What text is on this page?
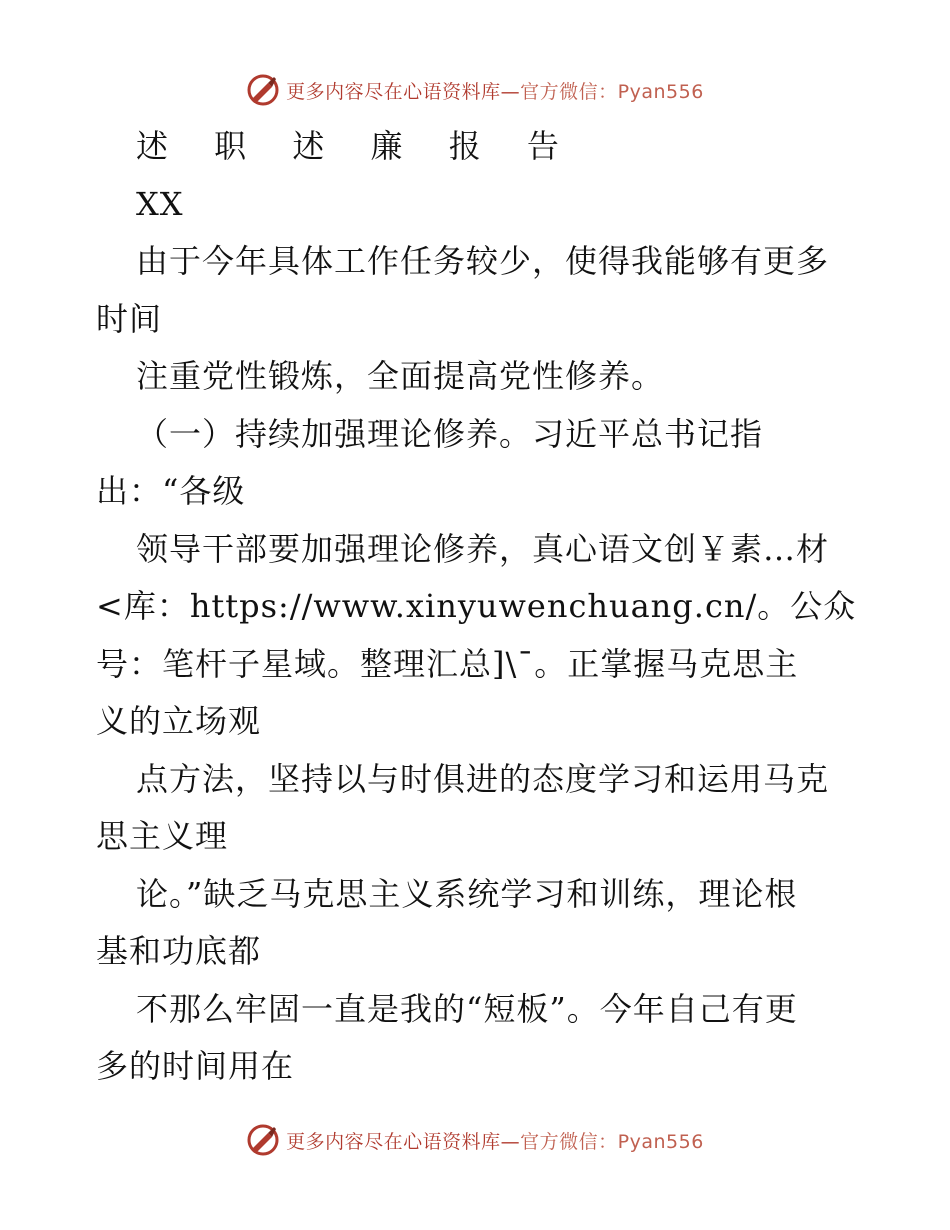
更多内容尽在心语资料库—官方微信：Pyan556
述 职 述 廉 报 告
XX
由于今年具体工作任务较少，使得我能够有更多
时间
注重党性锻炼，全面提高党性修养。
（一）持续加强理论修养。习近平总书记指
出：“各级
领导干部要加强理论修养，真心语文创￥素…材
<库：https://www.xinyuwenchuang.cn/。公众
号：笔杆子星域。整理汇总]\¯。正掌握马克思主
义的立场观
点方法，坚持以与时俱进的态度学习和运用马克
思主义理
论。”缺乏马克思主义系统学习和训练，理论根
基和功底都
不那么牢固一直是我的“短板”。今年自己有更
多的时间用在
更多内容尽在心语资料库—官方微信：Pyan556
